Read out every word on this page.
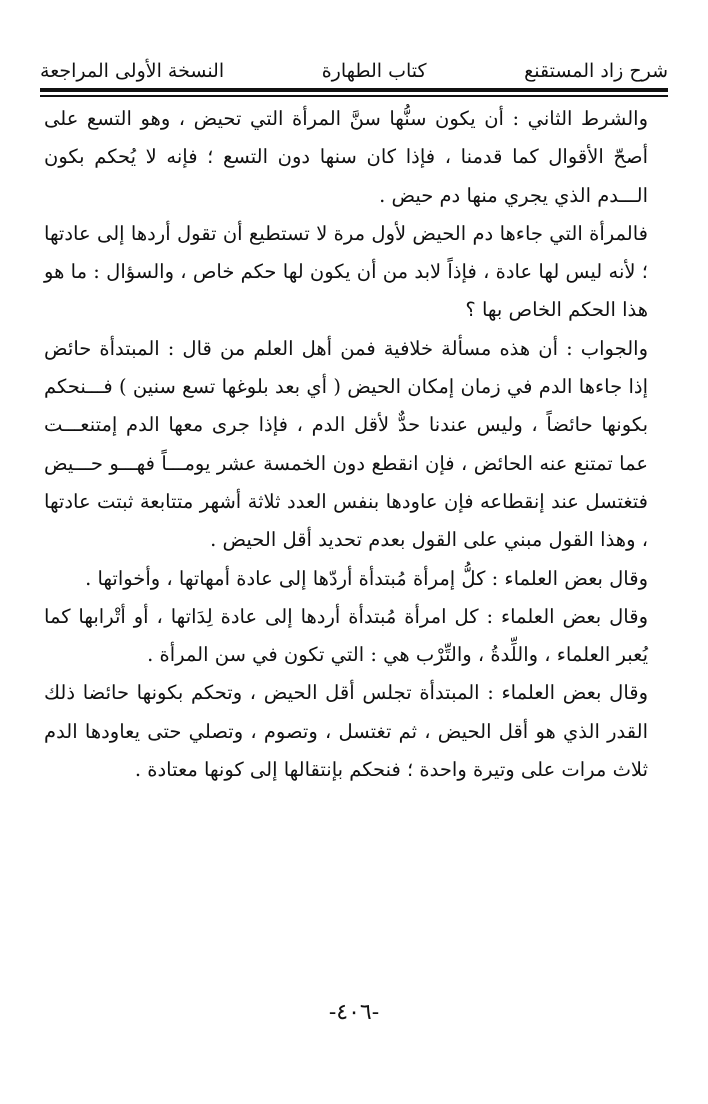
شرح زاد المستقنع
كتاب الطهارة
النسخة الأولى المراجعة

والشرط الثاني : أن يكون سنُّها سنَّ المرأة التي تحيض ، وهو التسع على أصحّ الأقوال كما قدمنا ، فإذا كان سنها دون التسع ؛ فإنه لا يُحكم بكون الـــدم الذي يجري منها دم حيض .

فالمرأة التي جاءها دم الحيض لأول مرة لا تستطيع أن تقول أردها إلى عادتها ؛ لأنه ليس لها عادة ، فإذاً لابد من أن يكون لها حكم خاص ، والسؤال : ما هو هذا الحكم الخاص بها ؟

والجواب : أن هذه مسألة خلافية فمن أهل العلم من قال : المبتدأة حائض إذا جاءها الدم في زمان إمكان الحيض ( أي بعد بلوغها تسع سنين ) فـــنحكم بكونها حائضاً ، وليس عندنا حدٌّ لأقل الدم ، فإذا جرى معها الدم إمتنعـــت عما تمتنع عنه الحائض ، فإن انقطع دون الخمسة عشر يومـــاً فهـــو حـــيض فتغتسل عند إنقطاعه فإن عاودها بنفس العدد ثلاثة أشهر متتابعة ثبتت عادتها ، وهذا القول مبني على القول بعدم تحديد أقل الحيض .

وقال بعض العلماء : كلُّ إمرأة مُبتدأة أردّها إلى عادة أمهاتها ، وأخواتها .

وقال بعض العلماء : كل امرأة مُبتدأة أردها إلى عادة لِدَاتها ، أو أتْرابها كما يُعبر العلماء ، واللِّدةُ ، والتِّرْب هي : التي تكون في سن المرأة .

وقال بعض العلماء : المبتدأة تجلس أقل الحيض ، وتحكم بكونها حائضا ذلك القدر الذي هو أقل الحيض ، ثم تغتسل ، وتصوم ، وتصلي حتى يعاودها الدم ثلاث مرات على وتيرة واحدة ؛ فنحكم بإنتقالها إلى كونها معتادة .

-٤٠٦-
